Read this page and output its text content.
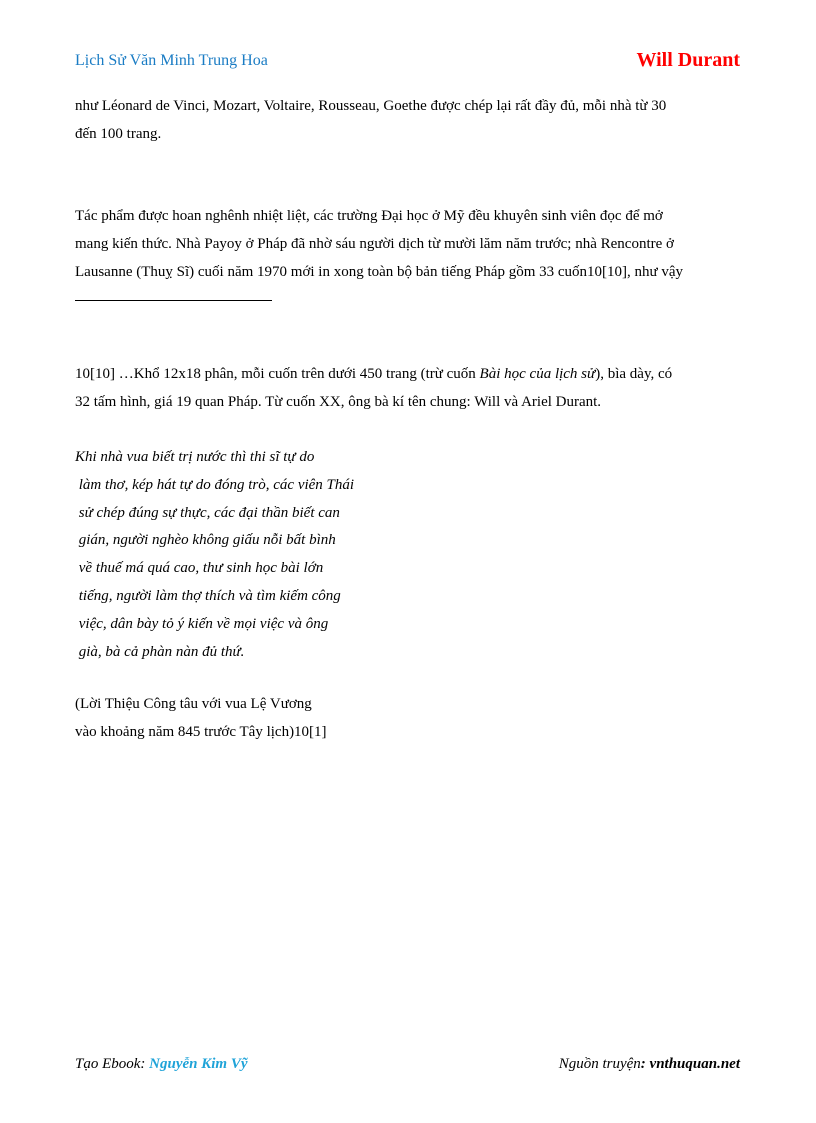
Lịch Sử Văn Minh Trung Hoa	Will Durant
như Léonard de Vinci, Mozart, Voltaire, Rousseau, Goethe được chép lại rất đầy đủ, mỗi nhà từ 30
đến 100 trang.
Tác phẩm được hoan nghênh nhiệt liệt, các trường Đại học ở Mỹ đều khuyên sinh viên đọc để mở
mang kiến thức. Nhà Payoy ở Pháp đã nhờ sáu người dịch từ mười lăm năm trước; nhà Rencontre ở
Lausanne (Thuỵ Sĩ) cuối năm 1970 mới in xong toàn bộ bản tiếng Pháp gồm 33 cuốn10[10], như vậy
10[10] …Khổ 12x18 phân, mỗi cuốn trên dưới 450 trang (trừ cuốn Bài học của lịch sử), bìa dày, có
32 tấm hình, giá 19 quan Pháp. Từ cuốn XX, ông bà kí tên chung: Will và Ariel Durant.
Khi nhà vua biết trị nước thì thi sĩ tự do
làm thơ, kép hát tự do đóng trò, các viên Thái
sử chép đúng sự thực, các đại thần biết can
gián, người nghèo không giấu nỗi bất bình
về thuế má quá cao, thư sinh học bài lớn
tiếng, người làm thợ thích và tìm kiếm công
việc, dân bày tỏ ý kiến về mọi việc và ông
già, bà cả phàn nàn đủ thứ.
(Lời Thiệu Công tâu với vua Lệ Vương
vào khoảng năm 845 trước Tây lịch)10[1]
Tạo Ebook: Nguyễn Kim Vỹ	Nguồn truyện: vnthuquan.net
